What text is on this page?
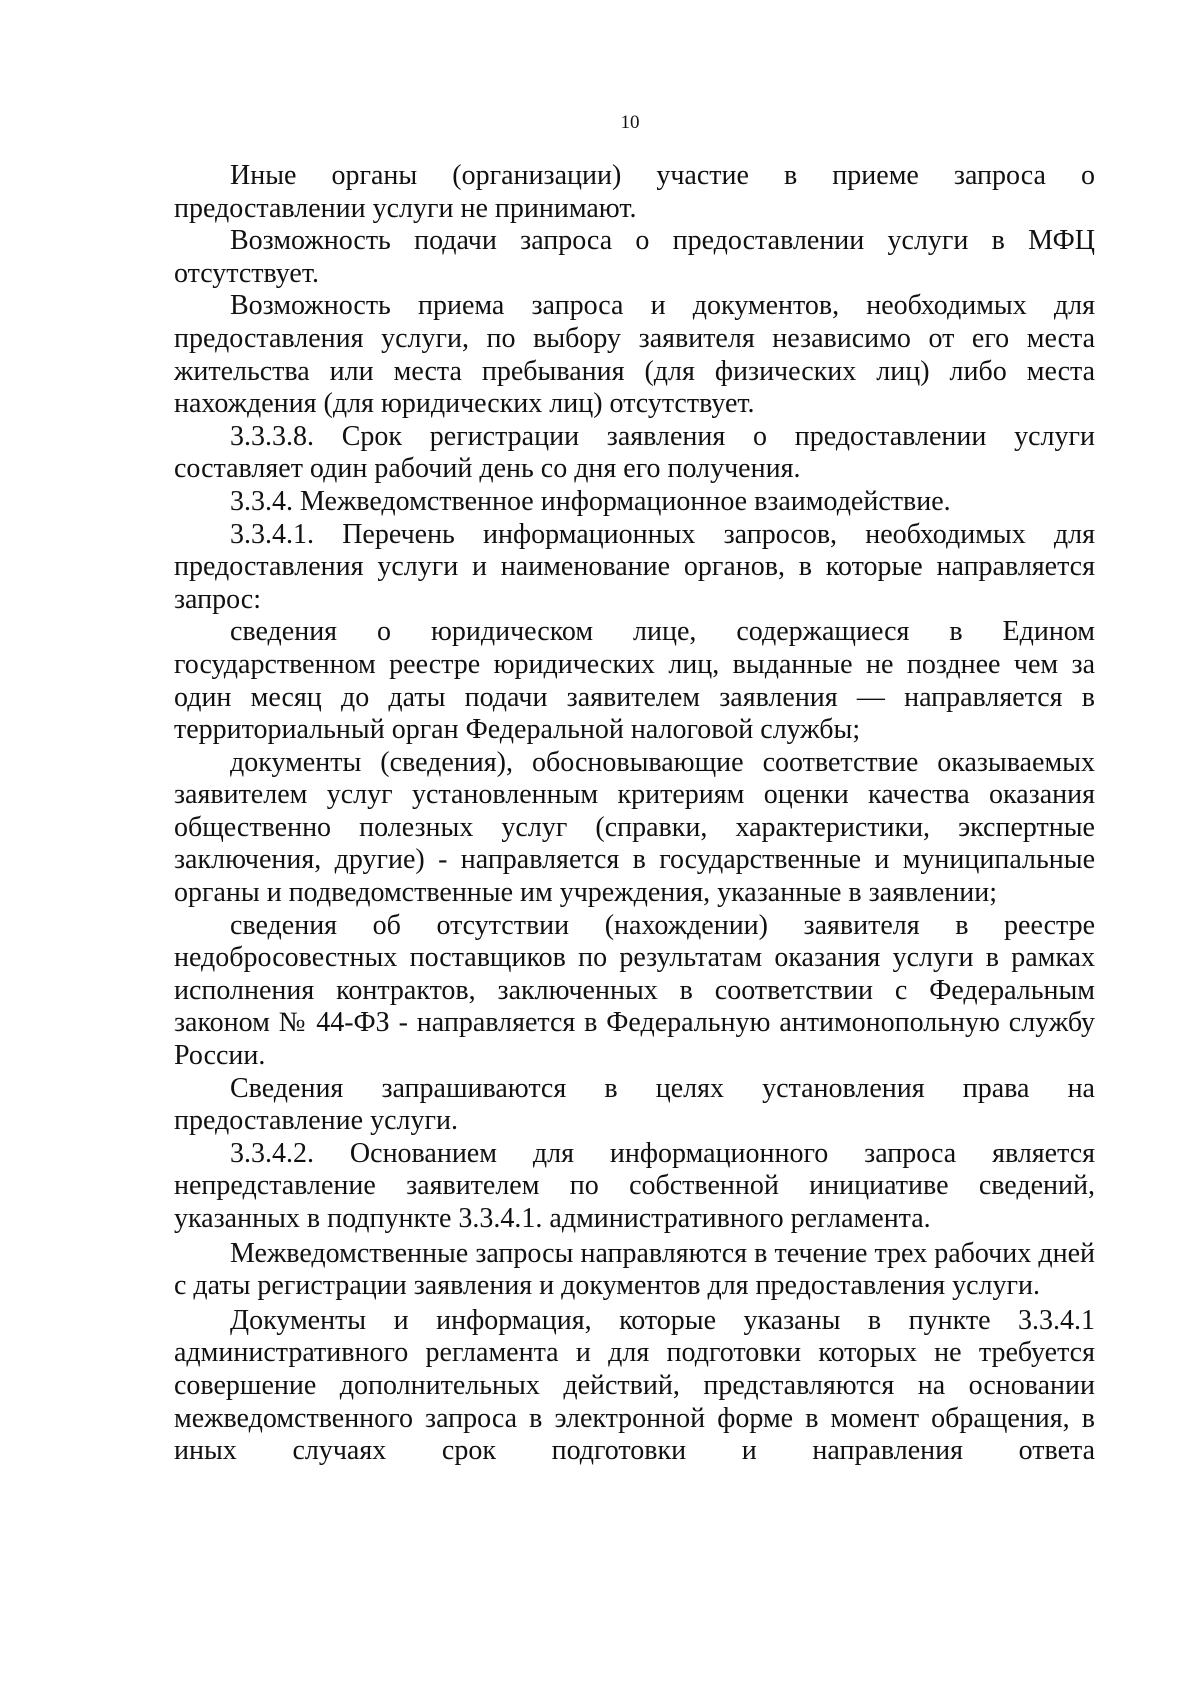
10

Иные органы (организации) участие в приеме запроса о предоставлении услуги не принимают.

Возможность подачи запроса о предоставлении услуги в МФЦ отсутствует.

Возможность приема запроса и документов, необходимых для предоставления услуги, по выбору заявителя независимо от его места жительства или места пребывания (для физических лиц) либо места нахождения (для юридических лиц) отсутствует.

3.3.3.8. Срок регистрации заявления о предоставлении услуги составляет один рабочий день со дня его получения.

3.3.4. Межведомственное информационное взаимодействие.

3.3.4.1. Перечень информационных запросов, необходимых для предоставления услуги и наименование органов, в которые направляется запрос:

сведения о юридическом лице, содержащиеся в Едином государственном реестре юридических лиц, выданные не позднее чем за один месяц до даты подачи заявителем заявления — направляется в территориальный орган Федеральной налоговой службы;

документы (сведения), обосновывающие соответствие оказываемых заявителем услуг установленным критериям оценки качества оказания общественно полезных услуг (справки, характеристики, экспертные заключения, другие) - направляется в государственные и муниципальные органы и подведомственные им учреждения, указанные в заявлении;

сведения об отсутствии (нахождении) заявителя в реестре недобросовестных поставщиков по результатам оказания услуги в рамках исполнения контрактов, заключенных в соответствии с Федеральным законом № 44-ФЗ - направляется в Федеральную антимонопольную службу России.

Сведения запрашиваются в целях установления права на предоставление услуги.

3.3.4.2. Основанием для информационного запроса является непредставление заявителем по собственной инициативе сведений, указанных в подпункте 3.3.4.1. административного регламента.

Межведомственные запросы направляются в течение трех рабочих дней с даты регистрации заявления и документов для предоставления услуги.

Документы и информация, которые указаны в пункте 3.3.4.1 административного регламента и для подготовки которых не требуется совершение дополнительных действий, представляются на основании межведомственного запроса в электронной форме в момент обращения, в иных случаях срок подготовки и направления ответа
